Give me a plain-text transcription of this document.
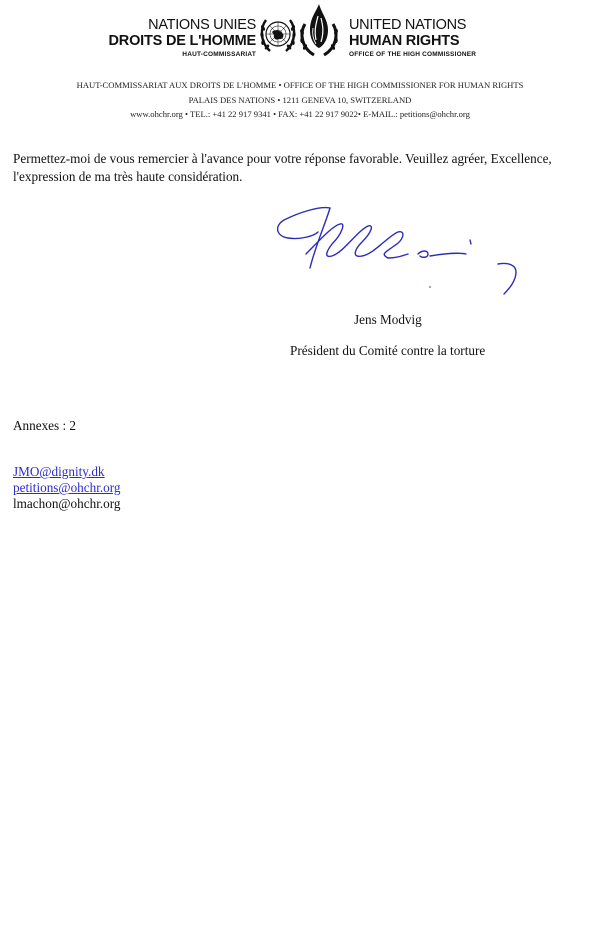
NATIONS UNIES
DROITS DE L'HOMME
HAUT-COMMISSARIAT
UNITED NATIONS
HUMAN RIGHTS
OFFICE OF THE HIGH COMMISSIONER
HAUT-COMMISSARIAT AUX DROITS DE L'HOMME • OFFICE OF THE HIGH COMMISSIONER FOR HUMAN RIGHTS
PALAIS DES NATIONS • 1211 GENEVA 10, SWITZERLAND
www.ohchr.org • TEL.: +41 22 917 9341 • FAX: +41 22 917 9022• E-MAIL.: petitions@ohchr.org

Permettez-moi de vous remercier à l'avance pour votre réponse favorable. Veuillez agréer, Excellence, l'expression de ma très haute considération.

Jens Modvig
Président du Comité contre la torture
Annexes : 2
JMO@dignity.dk
petitions@ohchr.org
lmachon@ohchr.org
